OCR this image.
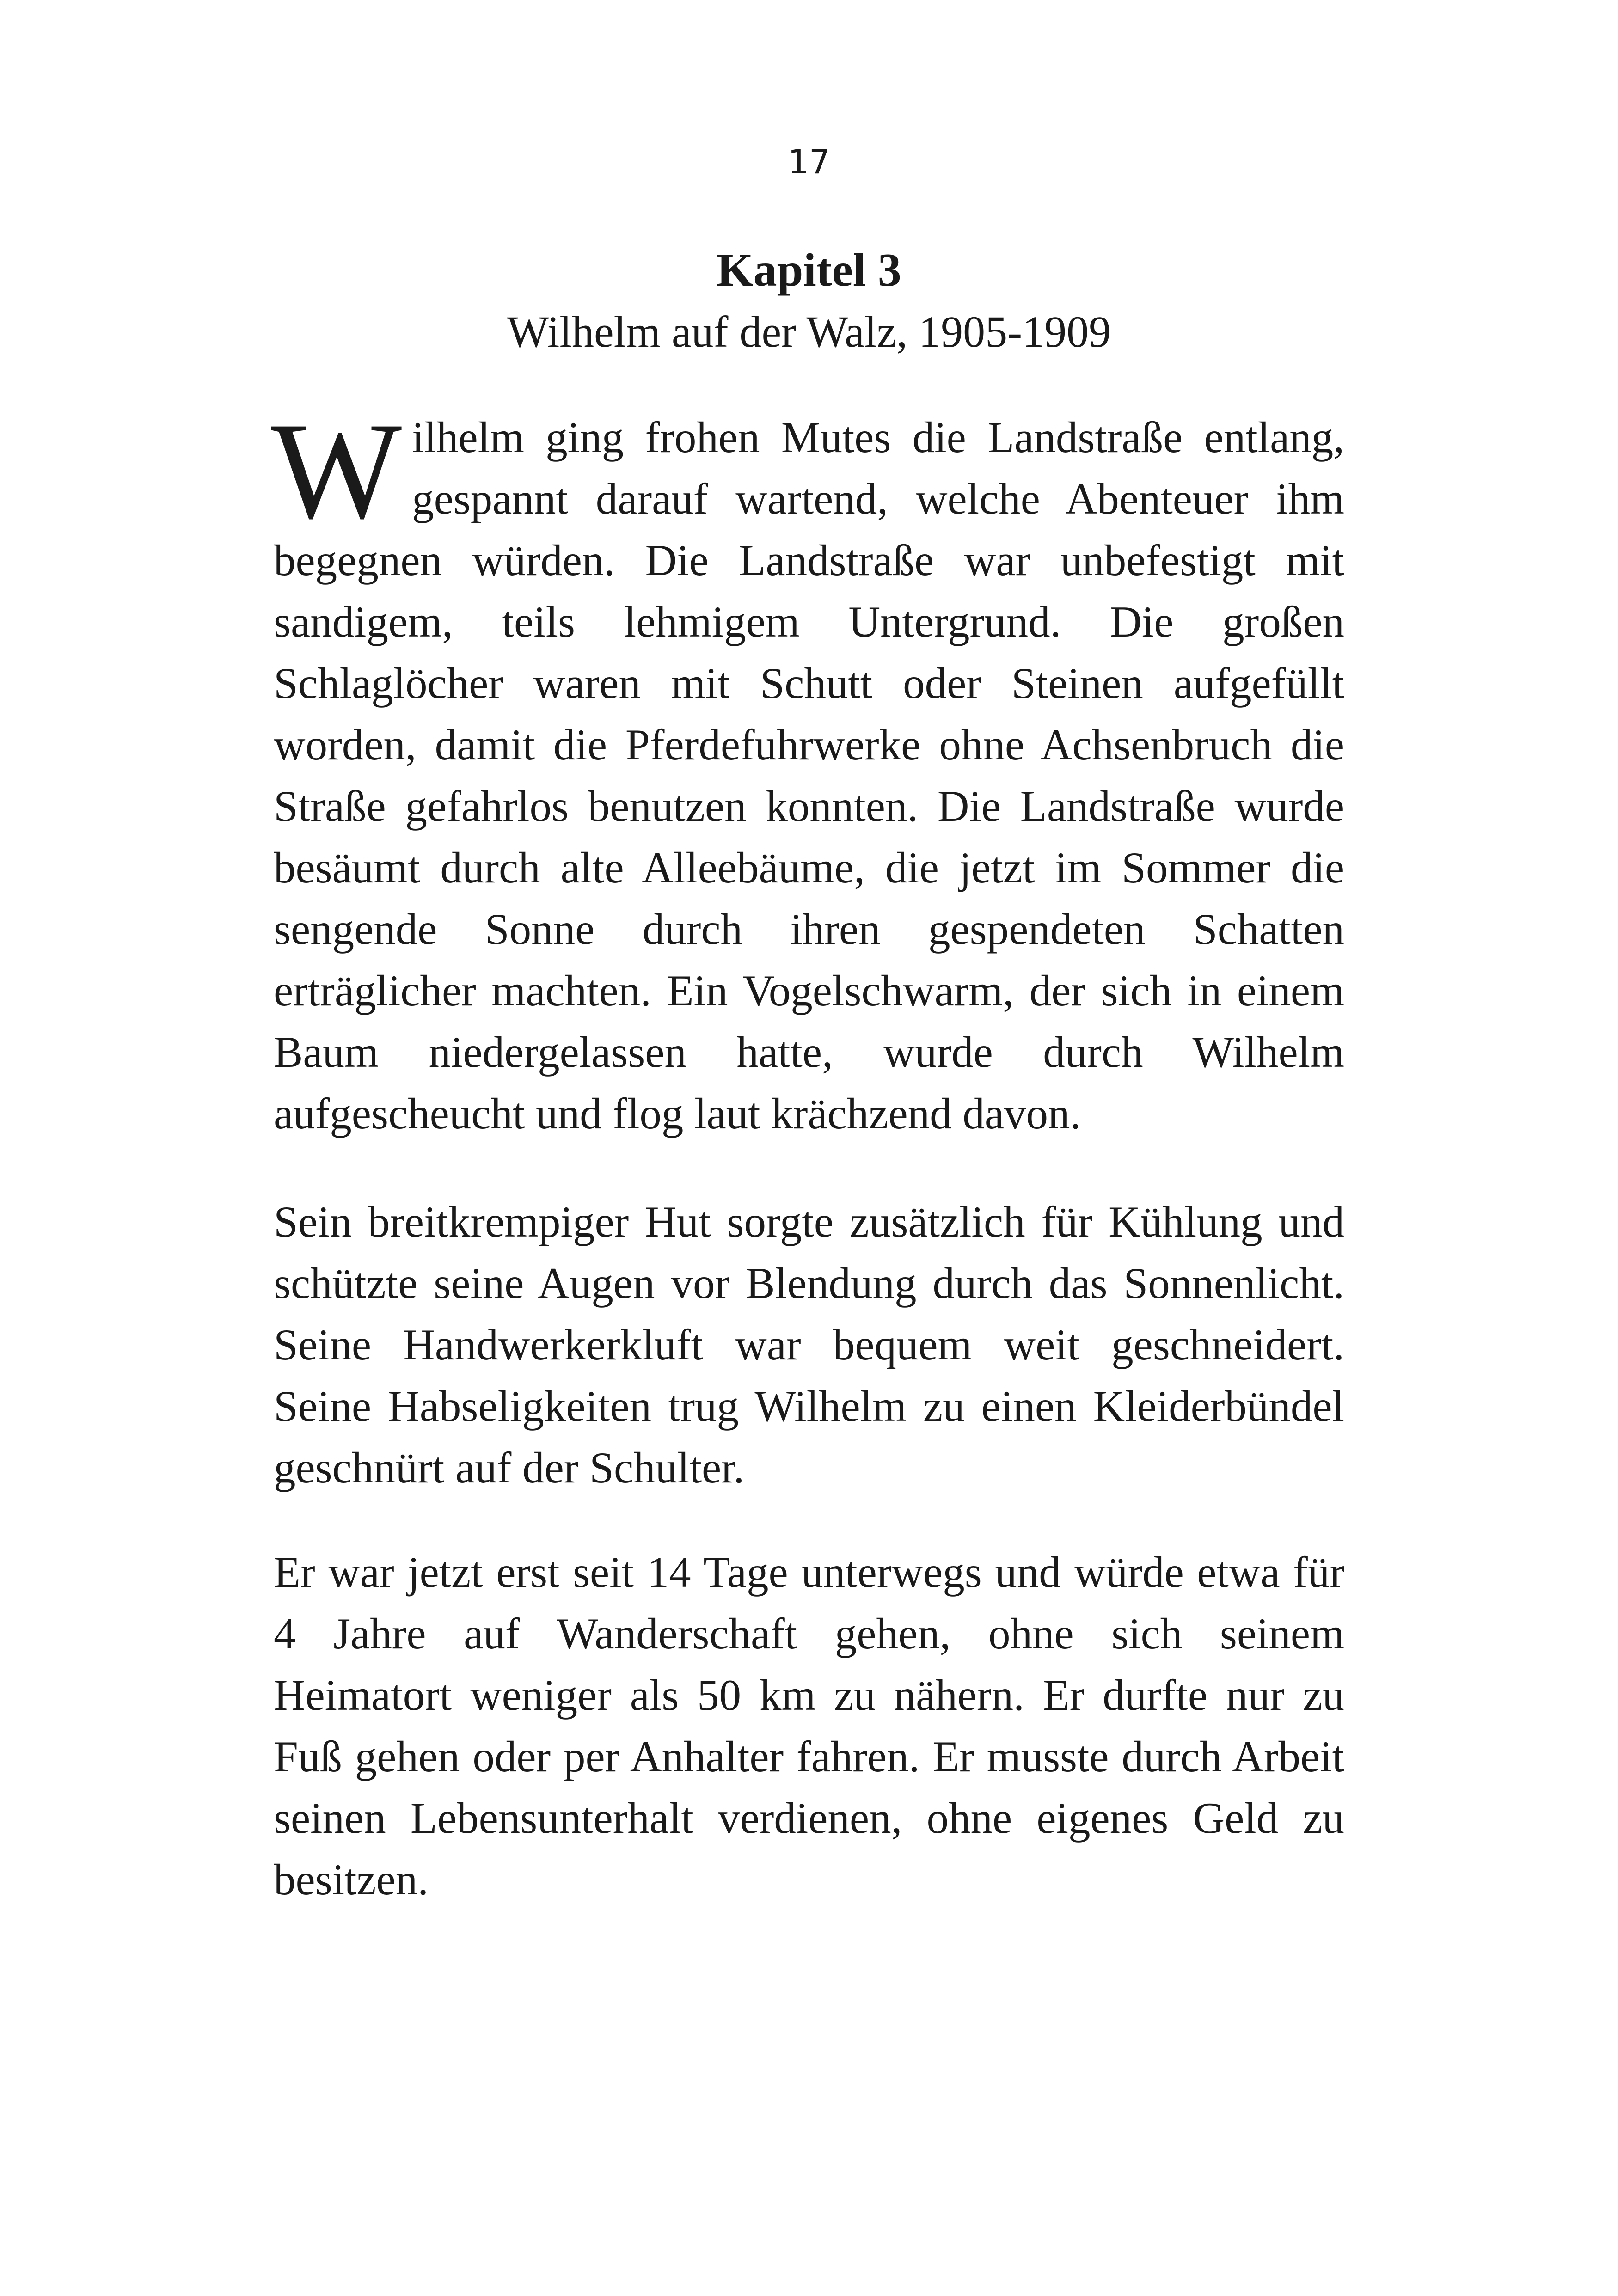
17
Kapitel 3
Wilhelm auf der Walz, 1905-1909

Wilhelm ging frohen Mutes die Landstraße entlang, gespannt darauf wartend, welche Abenteuer ihm begegnen würden. Die Landstraße war unbefestigt mit sandigem, teils lehmigem Untergrund. Die großen Schlaglöcher waren mit Schutt oder Steinen aufgefüllt worden, damit die Pferdefuhrwerke ohne Achsenbruch die Straße gefahrlos benutzen konnten. Die Landstraße wurde besäumt durch alte Alleebäume, die jetzt im Sommer die sengende Sonne durch ihren gespendeten Schatten erträglicher machten. Ein Vogelschwarm, der sich in einem Baum niedergelassen hatte, wurde durch Wilhelm aufgescheucht und flog laut krächzend davon.

Sein breitkrempiger Hut sorgte zusätzlich für Kühlung und schützte seine Augen vor Blendung durch das Sonnenlicht. Seine Handwerkerkluft war bequem weit geschneidert. Seine Habseligkeiten trug Wilhelm zu einen Kleiderbündel geschnürt auf der Schulter.

Er war jetzt erst seit 14 Tage unterwegs und würde etwa für 4 Jahre auf Wanderschaft gehen, ohne sich seinem Heimatort weniger als 50 km zu nähern. Er durfte nur zu Fuß gehen oder per Anhalter fahren. Er musste durch Arbeit seinen Lebensunterhalt verdienen, ohne eigenes Geld zu besitzen.
